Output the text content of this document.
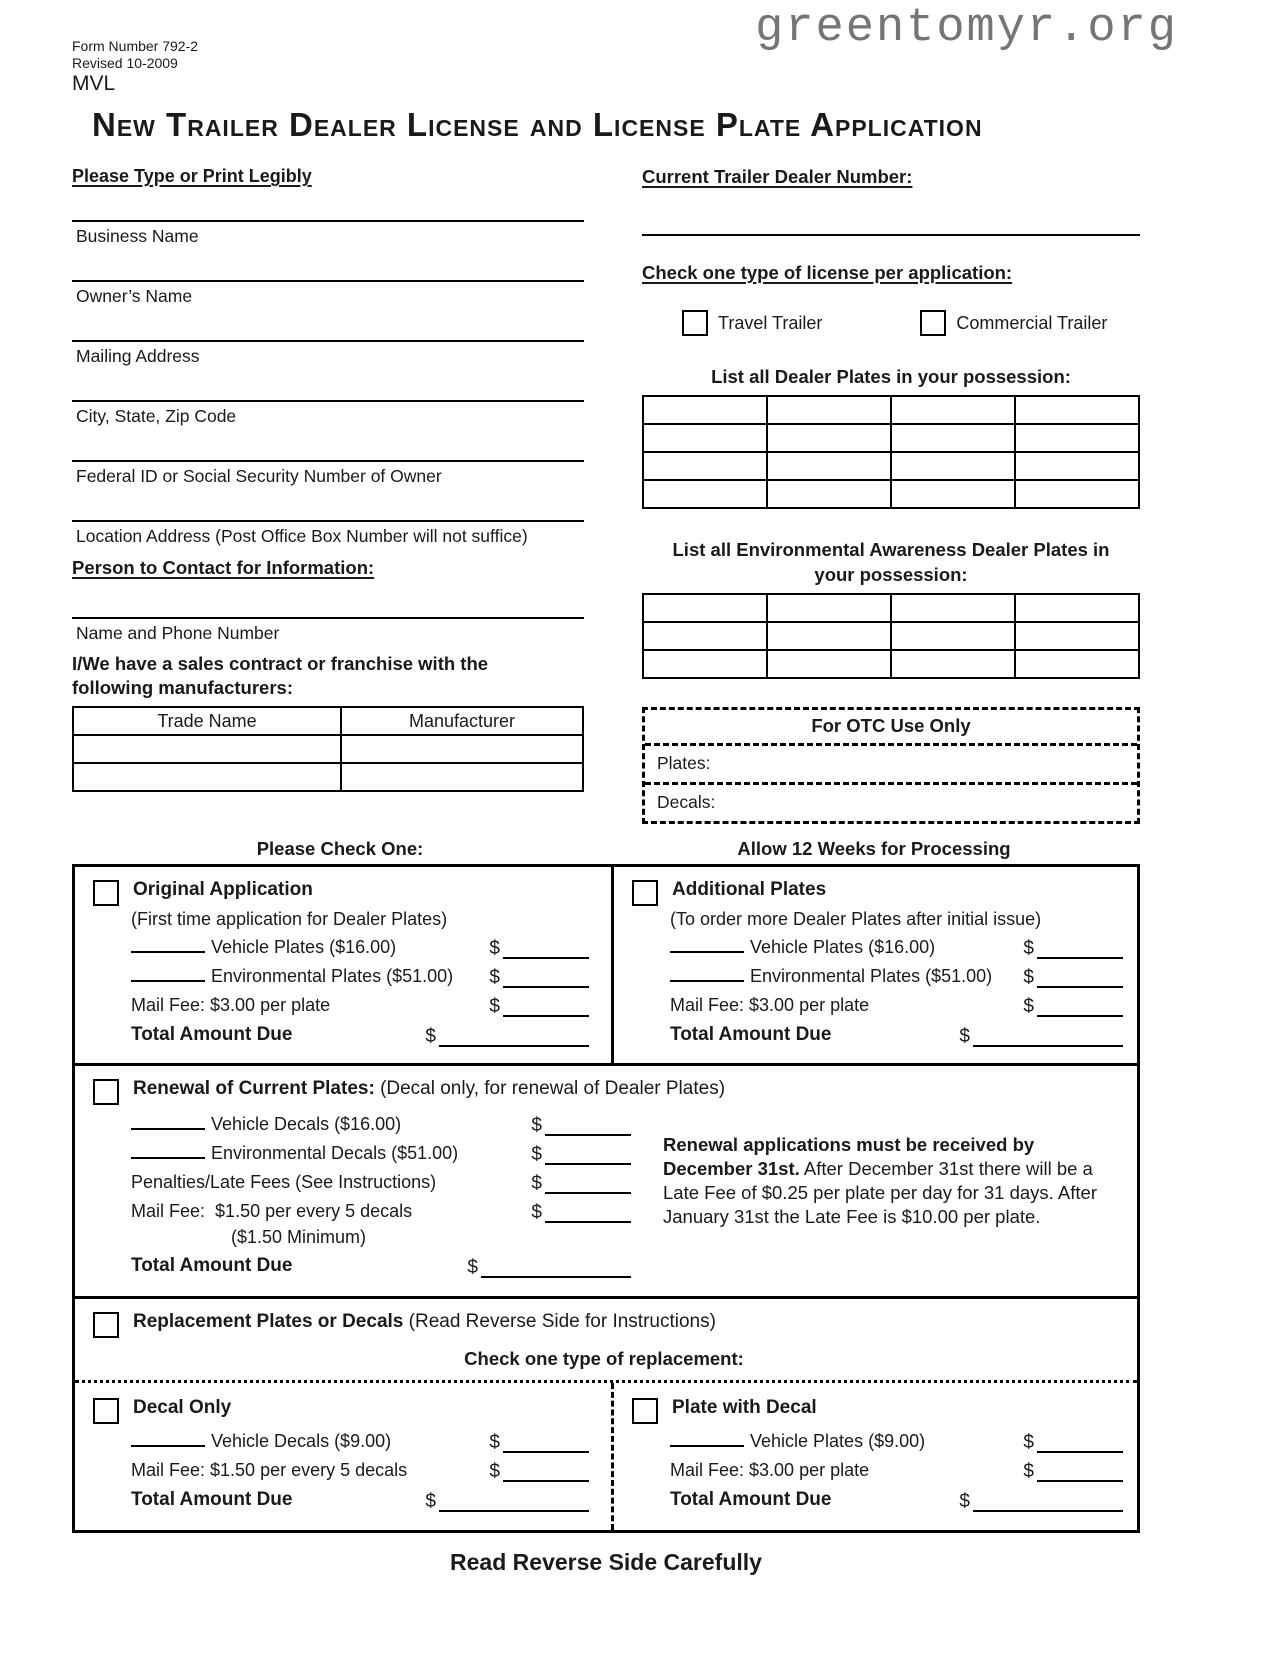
Form Number 792-2
Revised 10-2009
MVL
greentomyr.org
New Trailer Dealer License and License Plate Application
Please Type or Print Legibly
Business Name
Owner’s Name
Mailing Address
City, State, Zip Code
Federal ID or Social Security Number of Owner
Location Address (Post Office Box Number will not suffice)
Person to Contact for Information:
Name and Phone Number
I/We have a sales contract or franchise with the following manufacturers:
Trade Name	Manufacturer

Current Trailer Dealer Number:
Check one type of license per application:
Travel Trailer	Commercial Trailer
List all Dealer Plates in your possession:

List all Environmental Awareness Dealer Plates in your possession:

For OTC Use Only
Plates:
Decals:
Please Check One:	Allow 12 Weeks for Processing
Original Application
(First time application for Dealer Plates)
Vehicle Plates ($16.00)	$
Environmental Plates ($51.00)	$
Mail Fee: $3.00 per plate	$
Total Amount Due	$
Additional Plates
(To order more Dealer Plates after initial issue)
Vehicle Plates ($16.00)	$
Environmental Plates ($51.00)	$
Mail Fee: $3.00 per plate	$
Total Amount Due	$
Renewal of Current Plates: (Decal only, for renewal of Dealer Plates)
Vehicle Decals ($16.00)	$
Environmental Decals ($51.00)	$
Penalties/Late Fees (See Instructions)	$
Mail Fee: $1.50 per every 5 decals	$
($1.50 Minimum)
Total Amount Due	$
Renewal applications must be received by December 31st. After December 31st there will be a Late Fee of $0.25 per plate per day for 31 days. After January 31st the Late Fee is $10.00 per plate.
Replacement Plates or Decals (Read Reverse Side for Instructions)
Check one type of replacement:
Decal Only
Vehicle Decals ($9.00)	$
Mail Fee: $1.50 per every 5 decals	$
Total Amount Due	$
Plate with Decal
Vehicle Plates ($9.00)	$
Mail Fee: $3.00 per plate	$
Total Amount Due	$
Read Reverse Side Carefully
